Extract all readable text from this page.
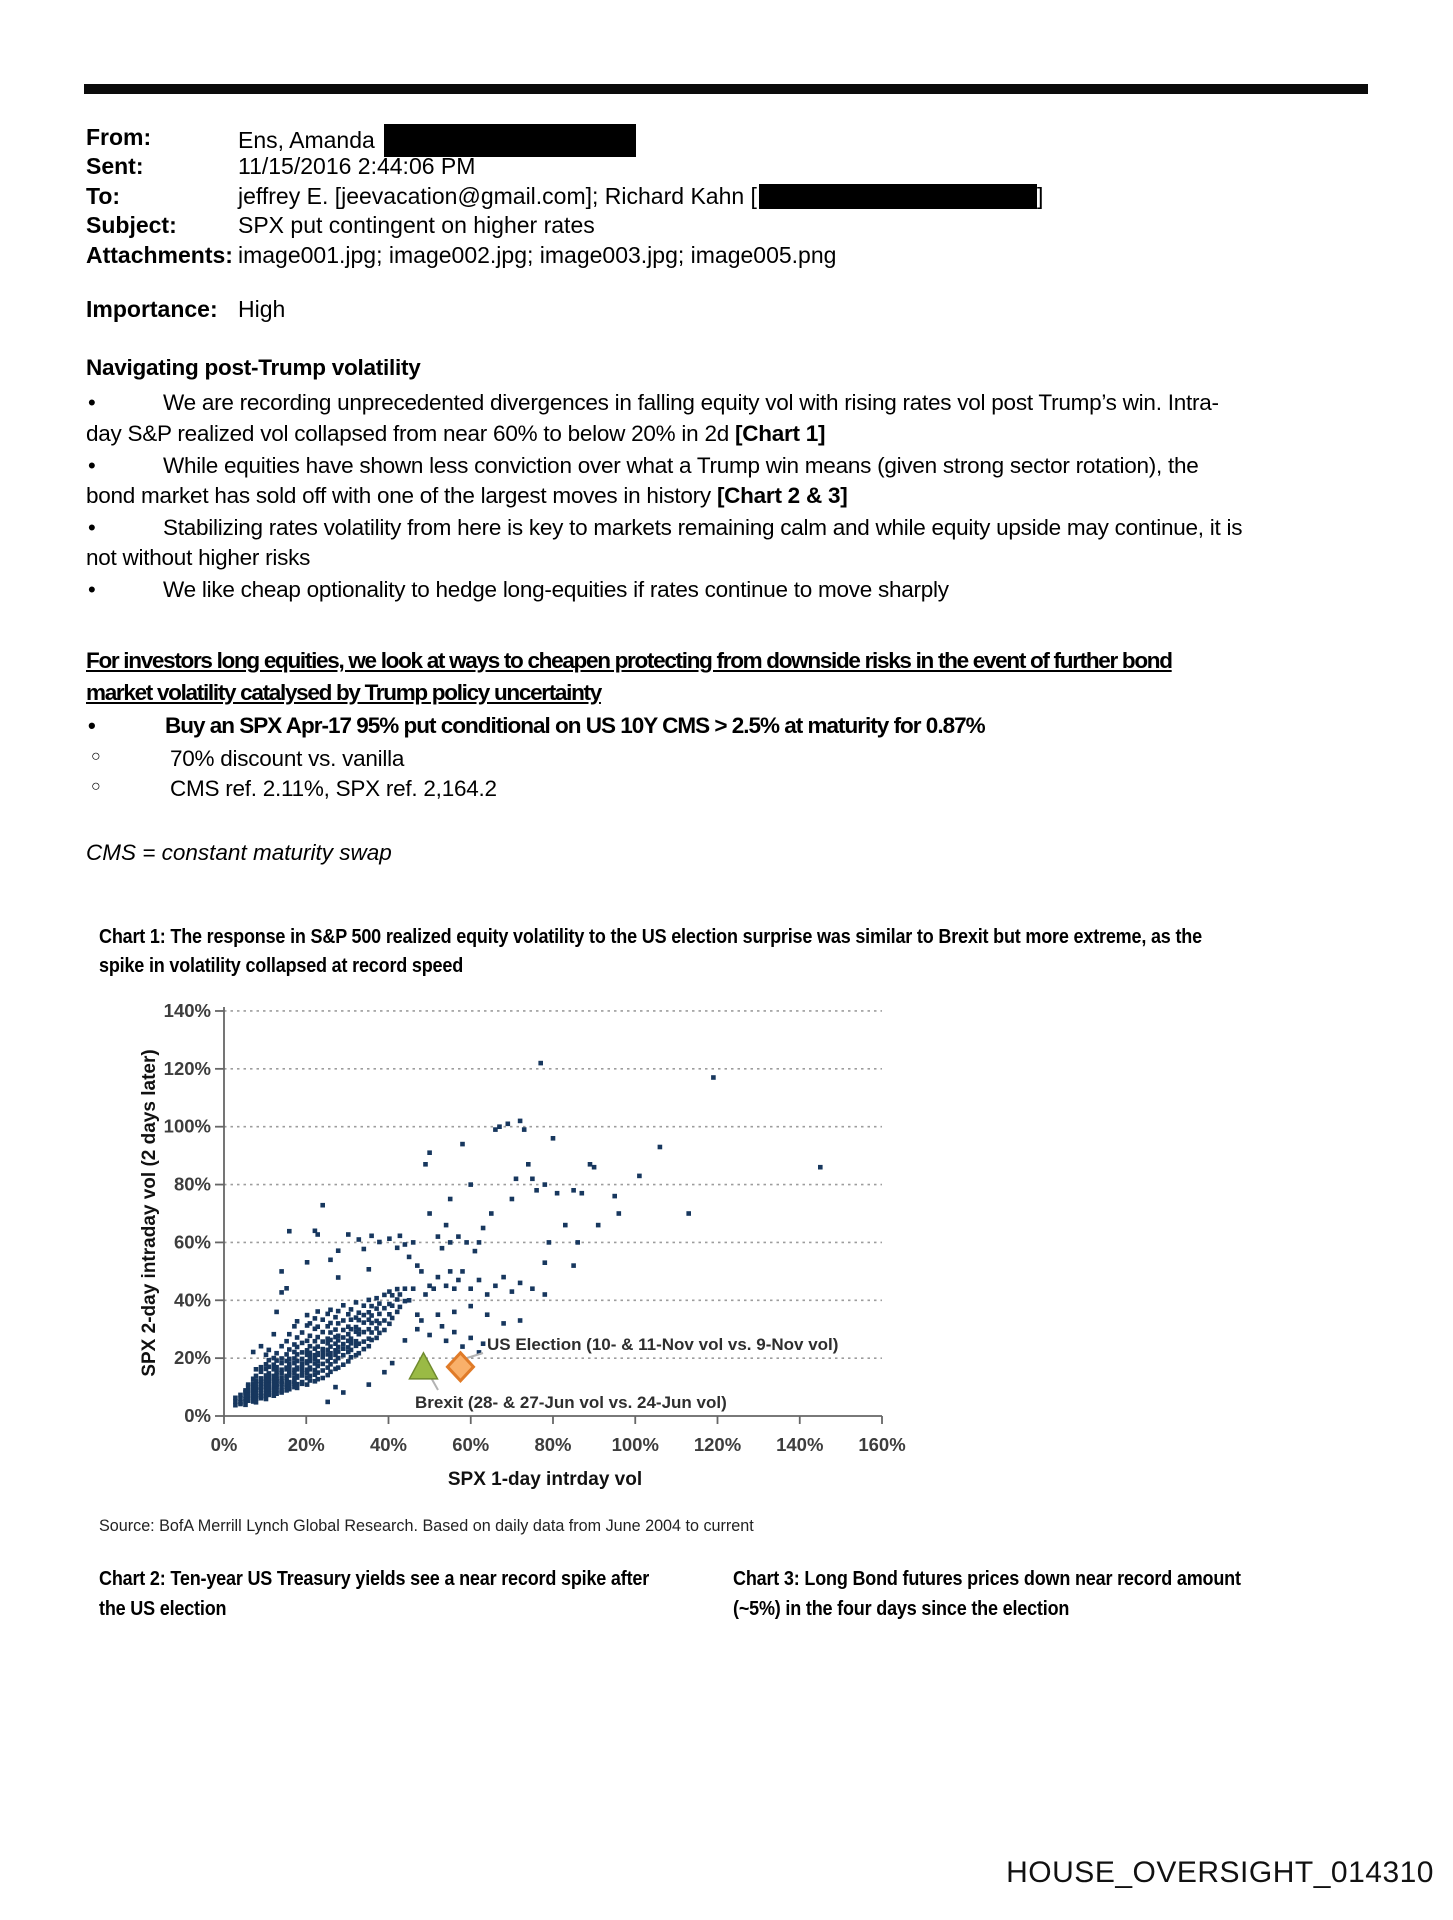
From:	Ens, Amanda
Sent:	11/15/2016 2:44:06 PM
To:	jeffrey E. [jeevacation@gmail.com]; Richard Kahn [	]
Subject:	SPX put contingent on higher rates
Attachments: image001.jpg; image002.jpg; image003.jpg; image005.png
Importance: High
Navigating post-Trump volatility
•	We are recording unprecedented divergences in falling equity vol with rising rates vol post Trump’s win. Intra-
day S&P realized vol collapsed from near 60% to below 20% in 2d [Chart 1]
•	While equities have shown less conviction over what a Trump win means (given strong sector rotation), the
bond market has sold off with one of the largest moves in history [Chart 2 & 3]
•	Stabilizing rates volatility from here is key to markets remaining calm and while equity upside may continue, it is
not without higher risks
•	We like cheap optionality to hedge long-equities if rates continue to move sharply
For investors long equities, we look at ways to cheapen protecting from downside risks in the event of further bond
market volatility catalysed by Trump policy uncertainty
•	Buy an SPX Apr-17 95% put conditional on US 10Y CMS > 2.5% at maturity for 0.87%
○	70% discount vs. vanilla
○	CMS ref. 2.11%, SPX ref. 2,164.2
CMS = constant maturity swap
Chart 1: The response in S&P 500 realized equity volatility to the US election surprise was similar to Brexit but more extreme, as the
spike in volatility collapsed at record speed
0%
20%
40%
60%
80%
100%
120%
140%
0%	20% 40% 60% 80% 100% 120% 140% 160%
SPX 1-day intrday vol
SPX 2-day intraday vol (2 days later)	US Election (10- & 11-Nov vol vs. 9-Nov vol)
Brexit (28- & 27-Jun vol vs. 24-Jun vol)
Source: BofA Merrill Lynch Global Research. Based on daily data from June 2004 to current
Chart 2: Ten-year US Treasury yields see a near record spike after
the US election
Chart 3: Long Bond futures prices down near record amount
(~5%) in the four days since the election
HOUSE_OVERSIGHT_014310
